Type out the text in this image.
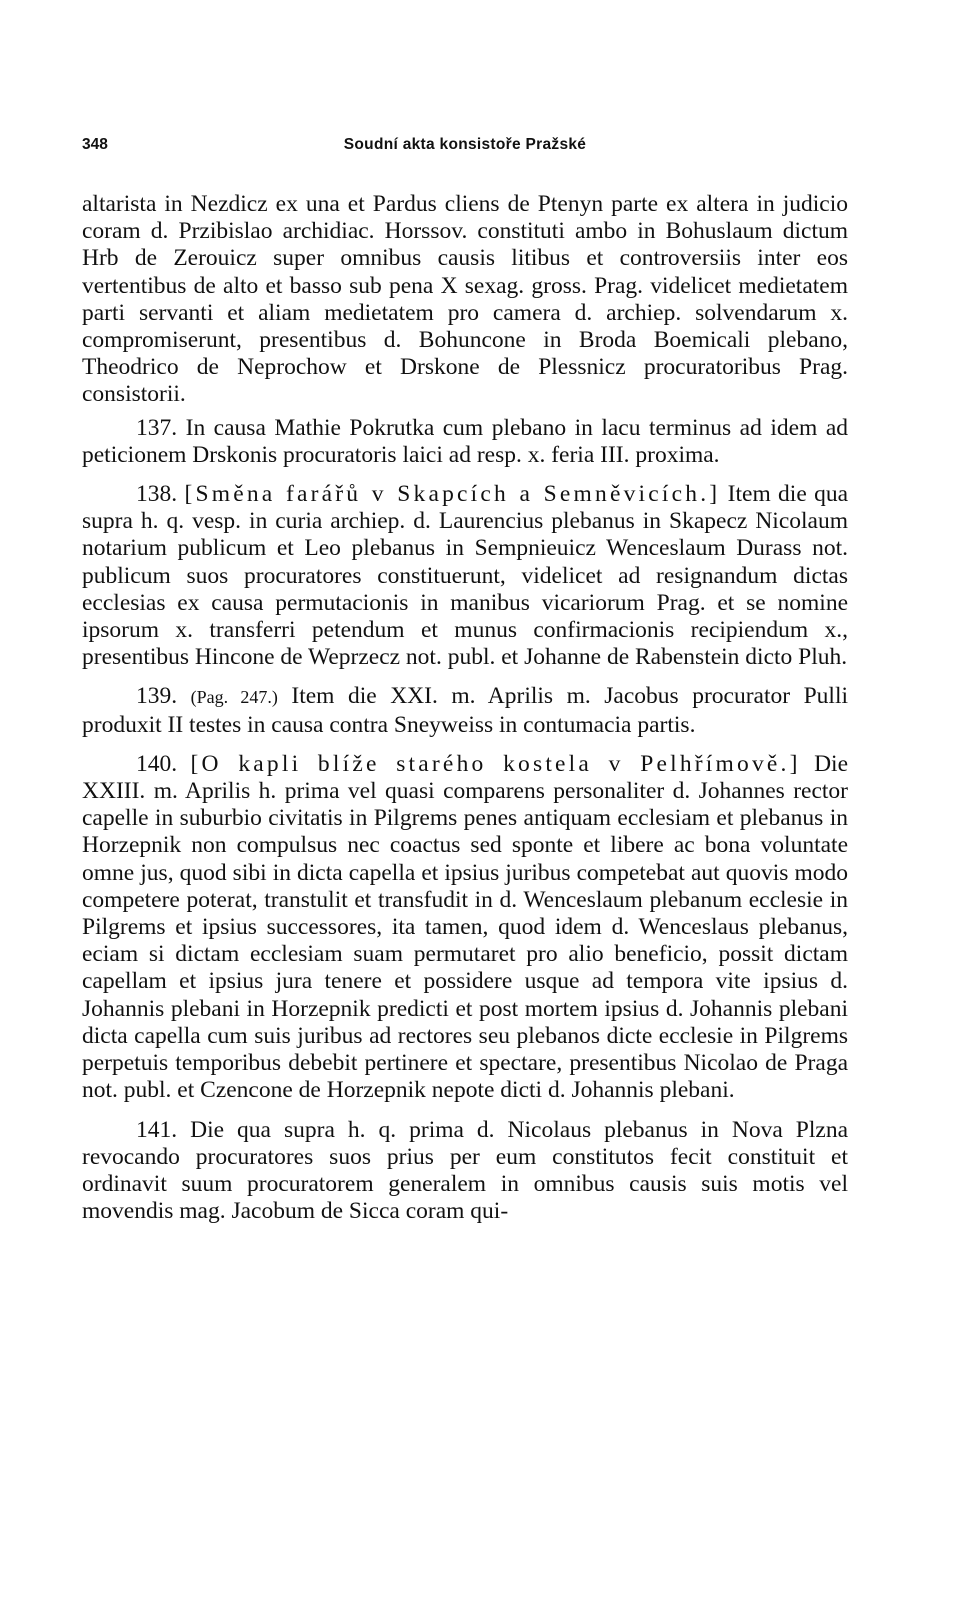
348	Soudní akta konsistoře Pražské

altarista in Nezdicz ex una et Pardus cliens de Ptenyn parte ex altera in judicio coram d. Przibislao archidiac. Horssov. constituti ambo in Bohuslaum dictum Hrb de Zerouicz super omnibus causis litibus et controversiis inter eos vertentibus de alto et basso sub pena X sexag. gross. Prag. videlicet medietatem parti servanti et aliam medietatem pro camera d. archiep. solvendarum x. compromiserunt, presentibus d. Bohuncone in Broda Boemicali plebano, Theodrico de Neprochow et Drskone de Plessnicz procuratoribus Prag. consistorii.

137. In causa Mathie Pokrutka cum plebano in lacu terminus ad idem ad peticionem Drskonis procuratoris laici ad resp. x. feria III. proxima.

138. [Směna farářů v Skapcích a Semněvicích.] Item die qua supra h. q. vesp. in curia archiep. d. Laurencius plebanus in Skapecz Nicolaum notarium publicum et Leo plebanus in Sempnieuicz Wenceslaum Durass not. publicum suos procuratores constituerunt, videlicet ad resignandum dictas ecclesias ex causa permutacionis in manibus vicariorum Prag. et se nomine ipsorum x. transferri petendum et munus confirmacionis recipiendum x., presentibus Hincone de Weprzecz not. publ. et Johanne de Rabenstein dicto Pluh.

139. (Pag. 247.) Item die XXI. m. Aprilis m. Jacobus procurator Pulli produxit II testes in causa contra Sneyweiss in contumacia partis.

140. [O kapli blíže starého kostela v Pelhřímově.] Die XXIII. m. Aprilis h. prima vel quasi comparens personaliter d. Johannes rector capelle in suburbio civitatis in Pilgrems penes antiquam ecclesiam et plebanus in Horzepnik non compulsus nec coactus sed sponte et libere ac bona voluntate omne jus, quod sibi in dicta capella et ipsius juribus competebat aut quovis modo competere poterat, transtulit et transfudit in d. Wenceslaum plebanum ecclesie in Pilgrems et ipsius successores, ita tamen, quod idem d. Wenceslaus plebanus, eciam si dictam ecclesiam suam permutaret pro alio beneficio, possit dictam capellam et ipsius jura tenere et possidere usque ad tempora vite ipsius d. Johannis plebani in Horzepnik predicti et post mortem ipsius d. Johannis plebani dicta capella cum suis juribus ad rectores seu plebanos dicte ecclesie in Pilgrems perpetuis temporibus debebit pertinere et spectare, presentibus Nicolao de Praga not. publ. et Czencone de Horzepnik nepote dicti d. Johannis plebani.

141. Die qua supra h. q. prima d. Nicolaus plebanus in Nova Plzna revocando procuratores suos prius per eum constitutos fecit constituit et ordinavit suum procuratorem generalem in omnibus causis suis motis vel movendis mag. Jacobum de Sicca coram qui-
